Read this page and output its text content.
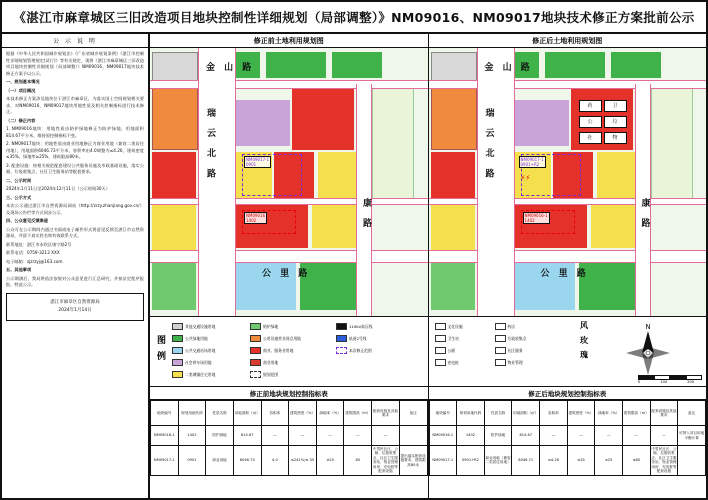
《湛江市麻章城区三旧改造项目地块控制性详细规划（局部调整）》NM09016、NM09017地块技术修正方案批前公示
公 示 说 明

根据《中华人民共和国城乡规划法》《广东省城乡规划条例》《湛江市控制性详细规划管理规定(试行)》等有关规定，现将《湛江市麻章城区三旧改造项目地块控制性详细规划（局部调整）》NM09016、NM09017地块技术修正方案予以公示。

一、规划基本情况

（一）项目概况

本技术修正方案涉及地块位于湛江市麻章区，为落实国土空间规划相关要求，对NM09016、NM09017地块用地性质及相关控制指标进行技术修正。

（二）修正内容

1. NM09016地块：用地性质由防护绿地修正为防护绿地，用地面积814.67平方米，维持原控制指标不变。

2. NM09017地块：用地性质由商业用地修正为商业用地（兼容二类居住用地），用地面积6046.73平方米，容积率由4.0调整为≤4.26，建筑密度≤35%，绿地率≥25%，建筑限高80米。

3. 配套设施：按相关规范配套建设公共服务设施及市政基础设施，落实公厕、垃圾收集点、社区卫生服务站等配套要求。

二、公示时间

2024年1月11日至2024年12月11日（公示时间30天）

三、公示方式

本次公示通过湛江市自然资源局网站（http://zrzy.zhanjiang.gov.cn/）及现场公告栏等方式同步公示。

四、公众意见反馈渠道

公众可在公示期间内通过书面或电子邮件形式将意见反馈至湛江市自然资源局，并留下真实姓名和有效联系方式。

联系地址：湛江市赤坎区康宁路2号

联系电话：0759-3213 XXX

电子邮箱：zjzrzyj@163.com

五、其他事项

公示期满后，我局将依法依规对公众意见进行汇总研究，并按法定程序报批。特此公示。

湛江市麻章区自然资源局
2024年1月14日
修正前土地利用规划图
金 山 路
瑞 云 北 路
康 路
公 里 路
NM09017-1
0901
NM09016
1402
图 例
其他交通设施用地
公共绿地用地
公共交通站场用地
社会停车场用地
二类城镇住宅用地
防护绿地
公用设施营业网点用地
商业、服务业用地
商业用地
规划范围
110kV高压线
轨道2号线
本次修正范围
修正前地块规划控制指标表
地块编号	规划用地代码	性质名称	用地面积（㎡）	容积率	建筑密度（%）	绿地率（%）	建筑限高（m）	配套设施及其他要求	备注
NM09016-1	1402	防护绿地	814.67	—	—	—	—	—	
NM09017-1	0901	商业用地	6046.73	4.0	≤241%/≤ 35	≥25	80	中男民社区、公厕、垃圾收集点、社区卫生服务站、物业管理用房、充电桩等配套设施	提出落实配套设施要求，建筑限高80米
修正后土地利用规划图
金 山 路
瑞 云 北 路
康 路
公 里 路
NM09017-1
0901+R2
NM09016-1
1402
药	卫
公	垃
社	物
⚡⚡
文化设施
卫生站
公厕
充电桩
药店
垃圾收集点
社区服务
物业管理
风 玫 瑰	N
0	100	200
修正后地块规划控制指标表
地块编号	规划用地代码	性质名称	用地面积（㎡）	容积率	建筑密度（%）	绿地率（%）	建筑限高（m）	配套设施及其他要求	备注
NM09016-1	1402	防护绿地	814.67	—	—	—	—	—	可纳入项目用地平衡计算
NM09017-1	0901+R2	商业用地（兼容二类居住用地）	6046.71	≤4.26	≤35	≥25	≤80	中男民社区、公厕、垃圾收集点、社区卫生服务站、物业管理用房、充电桩等配套设施	
